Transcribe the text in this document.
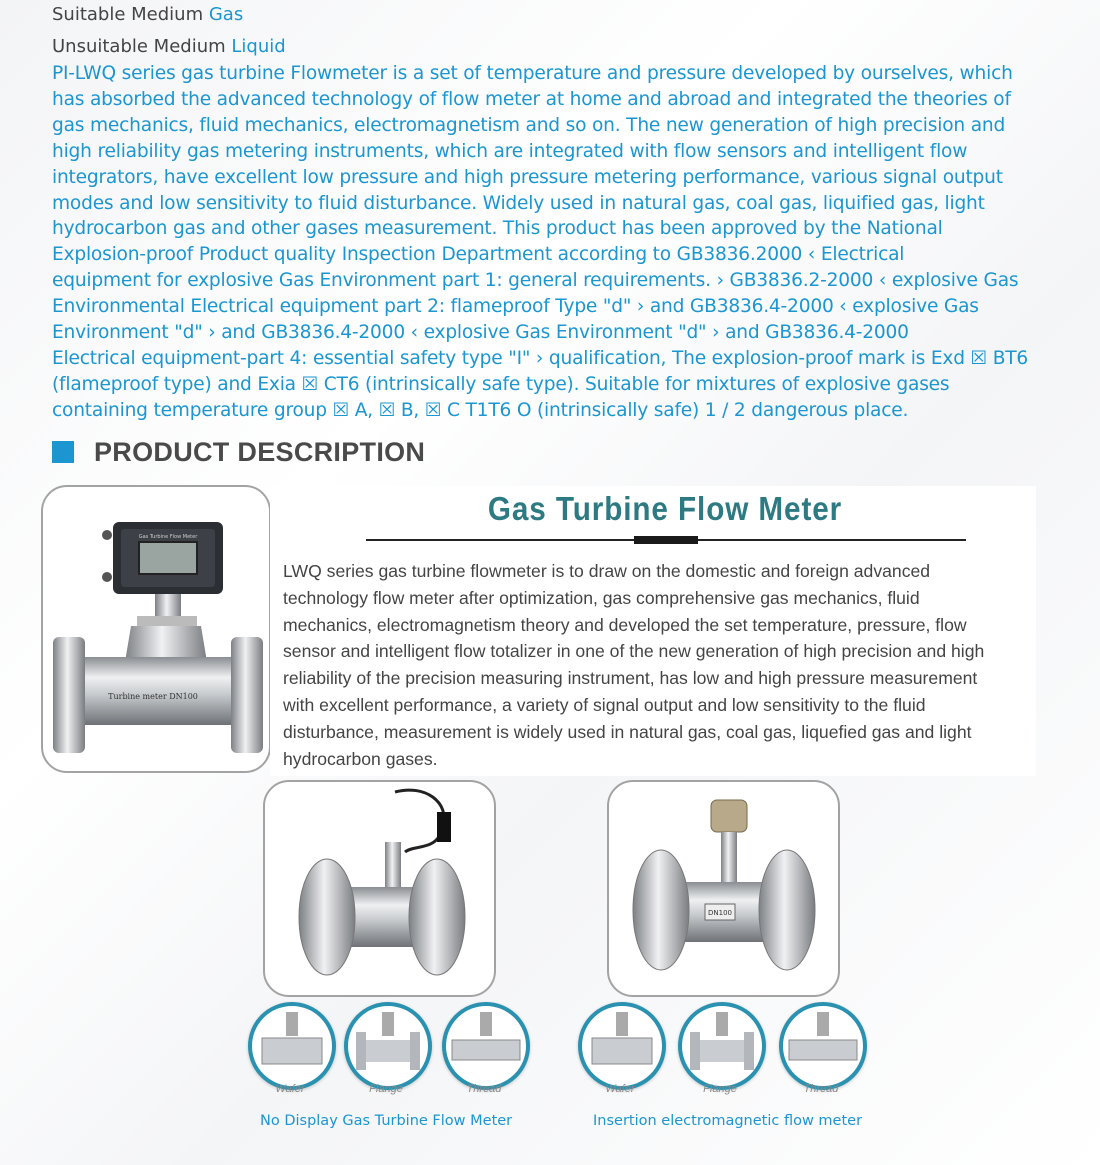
Suitable Medium Gas
Unsuitable Medium Liquid

PI-LWQ series gas turbine Flowmeter is a set of temperature and pressure developed by ourselves, which
has absorbed the advanced technology of flow meter at home and abroad and integrated the theories of
gas mechanics, fluid mechanics, electromagnetism and so on. The new generation of high precision and
high reliability gas metering instruments, which are integrated with flow sensors and intelligent flow
integrators, have excellent low pressure and high pressure metering performance, various signal output
modes and low sensitivity to fluid disturbance. Widely used in natural gas, coal gas, liquified gas, light
hydrocarbon gas and other gases measurement. This product has been approved by the National
Explosion-proof Product quality Inspection Department according to GB3836.2000 ‹ Electrical
equipment for explosive Gas Environment part 1: general requirements. › GB3836.2-2000 ‹ explosive Gas
Environmental Electrical equipment part 2: flameproof Type "d" › and GB3836.4-2000 ‹ explosive Gas
Environment "d" › and GB3836.4-2000 ‹ explosive Gas Environment "d" › and GB3836.4-2000
Electrical equipment-part 4: essential safety type "I" › qualification, The explosion-proof mark is Exd ☒ BT6
(flameproof type) and Exia ☒ CT6 (intrinsically safe type). Suitable for mixtures of explosive gases
containing temperature group ☒ A, ☒ B, ☒ C T1T6 O (intrinsically safe) 1 / 2 dangerous place.

PRODUCT DESCRIPTION
Gas Turbine Flow Meter
Turbine meter DN100
Gas Turbine Flow Meter

LWQ series gas turbine flowmeter is to draw on the domestic and foreign advanced
technology flow meter after optimization, gas comprehensive gas mechanics, fluid
mechanics, electromagnetism theory and developed the set temperature, pressure, flow
sensor and intelligent flow totalizer in one of the new generation of high precision and high
reliability of the precision measuring instrument, has low and high pressure measurement
with excellent performance, a variety of signal output and low sensitivity to the fluid
disturbance, measurement is widely used in natural gas, coal gas, liquefied gas and light
hydrocarbon gases.

DN100
Wafer	Flange	Thread	Wafer	Flange	Thread
No Display Gas Turbine Flow Meter	Insertion electromagnetic flow meter
